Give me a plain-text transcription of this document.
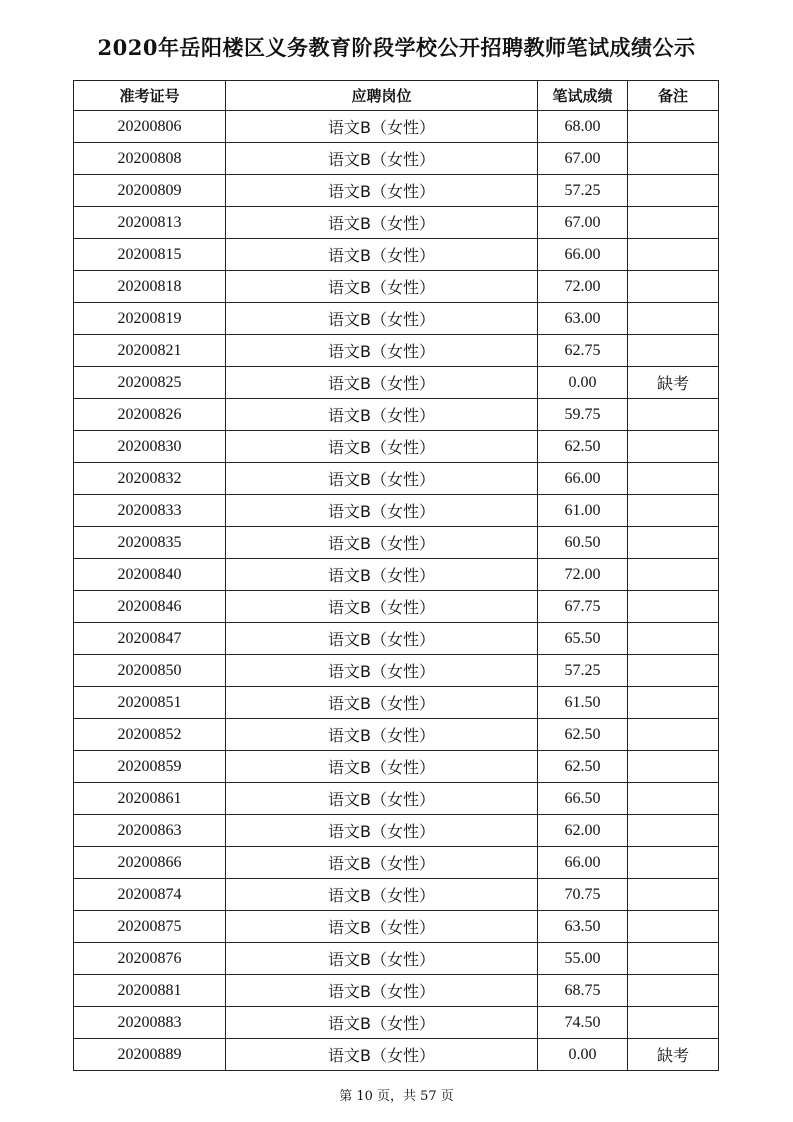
2020年岳阳楼区义务教育阶段学校公开招聘教师笔试成绩公示
准考证号	应聘岗位	笔试成绩	备注
20200806	语文B（女性）	68.00	
20200808	语文B（女性）	67.00	
20200809	语文B（女性）	57.25	
20200813	语文B（女性）	67.00	
20200815	语文B（女性）	66.00	
20200818	语文B（女性）	72.00	
20200819	语文B（女性）	63.00	
20200821	语文B（女性）	62.75	
20200825	语文B（女性）	0.00	缺考
20200826	语文B（女性）	59.75	
20200830	语文B（女性）	62.50	
20200832	语文B（女性）	66.00	
20200833	语文B（女性）	61.00	
20200835	语文B（女性）	60.50	
20200840	语文B（女性）	72.00	
20200846	语文B（女性）	67.75	
20200847	语文B（女性）	65.50	
20200850	语文B（女性）	57.25	
20200851	语文B（女性）	61.50	
20200852	语文B（女性）	62.50	
20200859	语文B（女性）	62.50	
20200861	语文B（女性）	66.50	
20200863	语文B（女性）	62.00	
20200866	语文B（女性）	66.00	
20200874	语文B（女性）	70.75	
20200875	语文B（女性）	63.50	
20200876	语文B（女性）	55.00	
20200881	语文B（女性）	68.75	
20200883	语文B（女性）	74.50	
20200889	语文B（女性）	0.00	缺考
第 10 页，共 57 页
